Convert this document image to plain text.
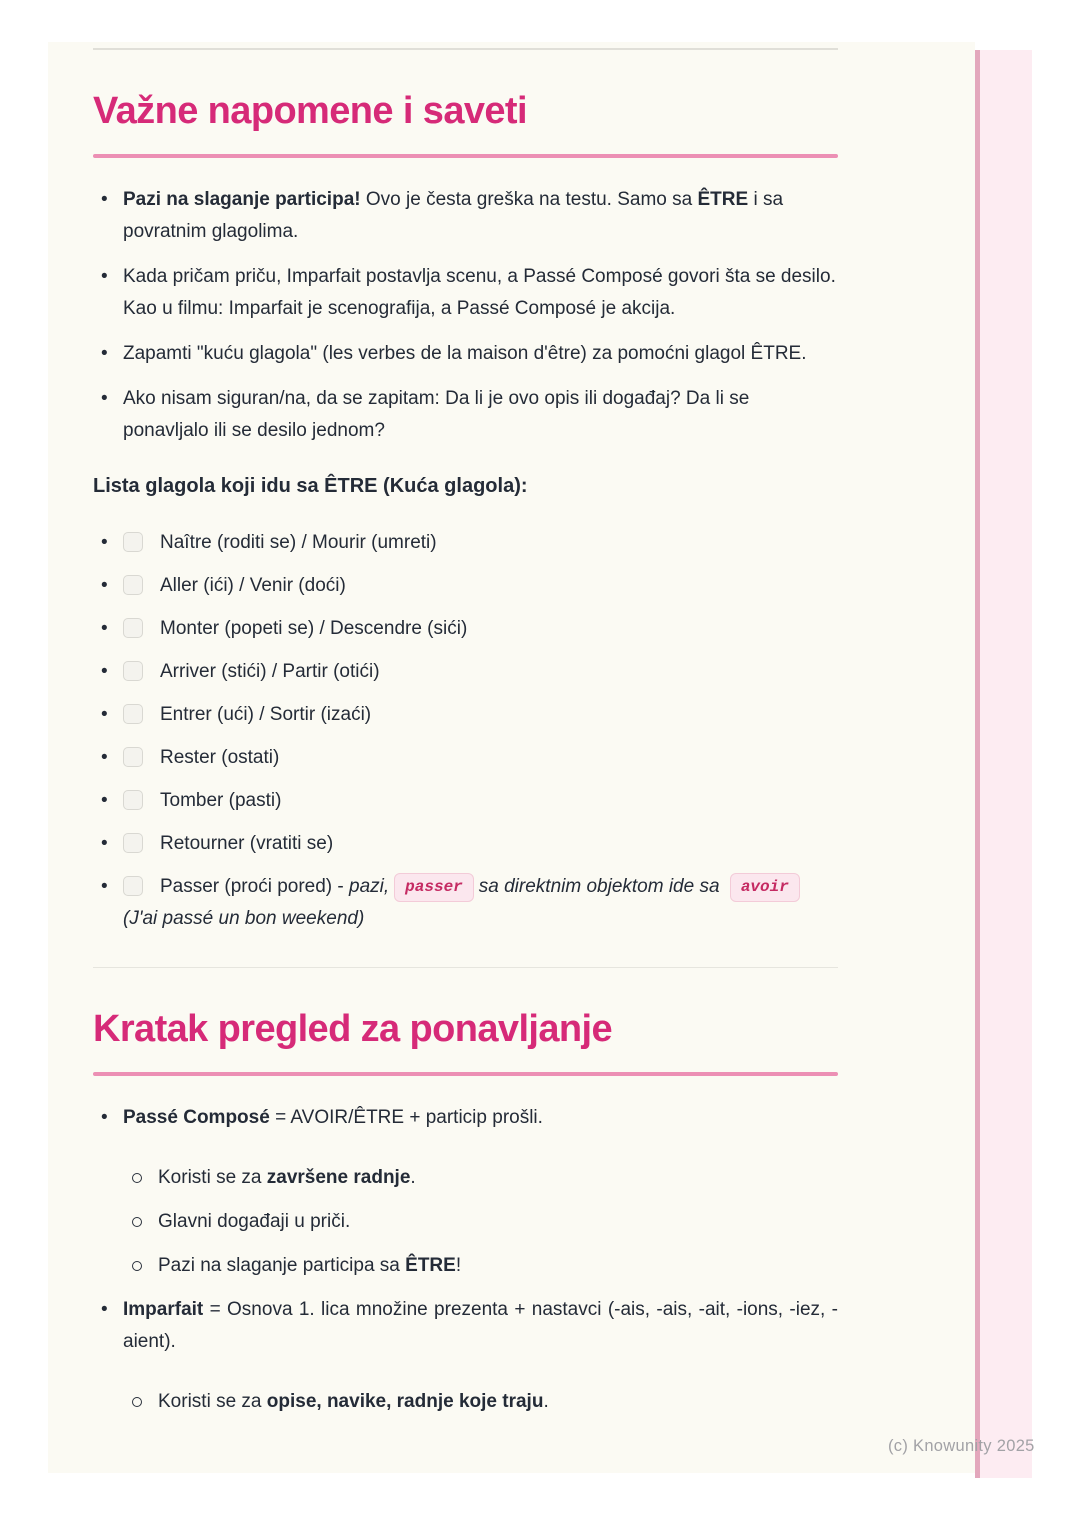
Važne napomene i saveti
• Pazi na slaganje participa! Ovo je česta greška na testu. Samo sa ÊTRE i sa povratnim glagolima.
• Kada pričam priču, Imparfait postavlja scenu, a Passé Composé govori šta se desilo. Kao u filmu: Imparfait je scenografija, a Passé Composé je akcija.
• Zapamti "kuću glagola" (les verbes de la maison d'être) za pomoćni glagol ÊTRE.
• Ako nisam siguran/na, da se zapitam: Da li je ovo opis ili događaj? Da li se ponavljalo ili se desilo jednom?
Lista glagola koji idu sa ÊTRE (Kuća glagola):
• Naître (roditi se) / Mourir (umreti)
• Aller (ići) / Venir (doći)
• Monter (popeti se) / Descendre (sići)
• Arriver (stići) / Partir (otići)
• Entrer (ući) / Sortir (izaći)
• Rester (ostati)
• Tomber (pasti)
• Retourner (vratiti se)
• Passer (proći pored) - pazi, passer sa direktnim objektom ide sa avoir(J'ai passé un bon weekend)
Kratak pregled za ponavljanje
• Passé Composé = AVOIR/ÊTRE + particip prošli.
Koristi se za završene radnje.
Glavni događaji u priči.
Pazi na slaganje participa sa ÊTRE!
• Imparfait = Osnova 1. lica množine prezenta + nastavci (-ais, -ais, -ait, -ions, -iez, -aient).
Koristi se za opise, navike, radnje koje traju.
(c) Knowunity 2025
